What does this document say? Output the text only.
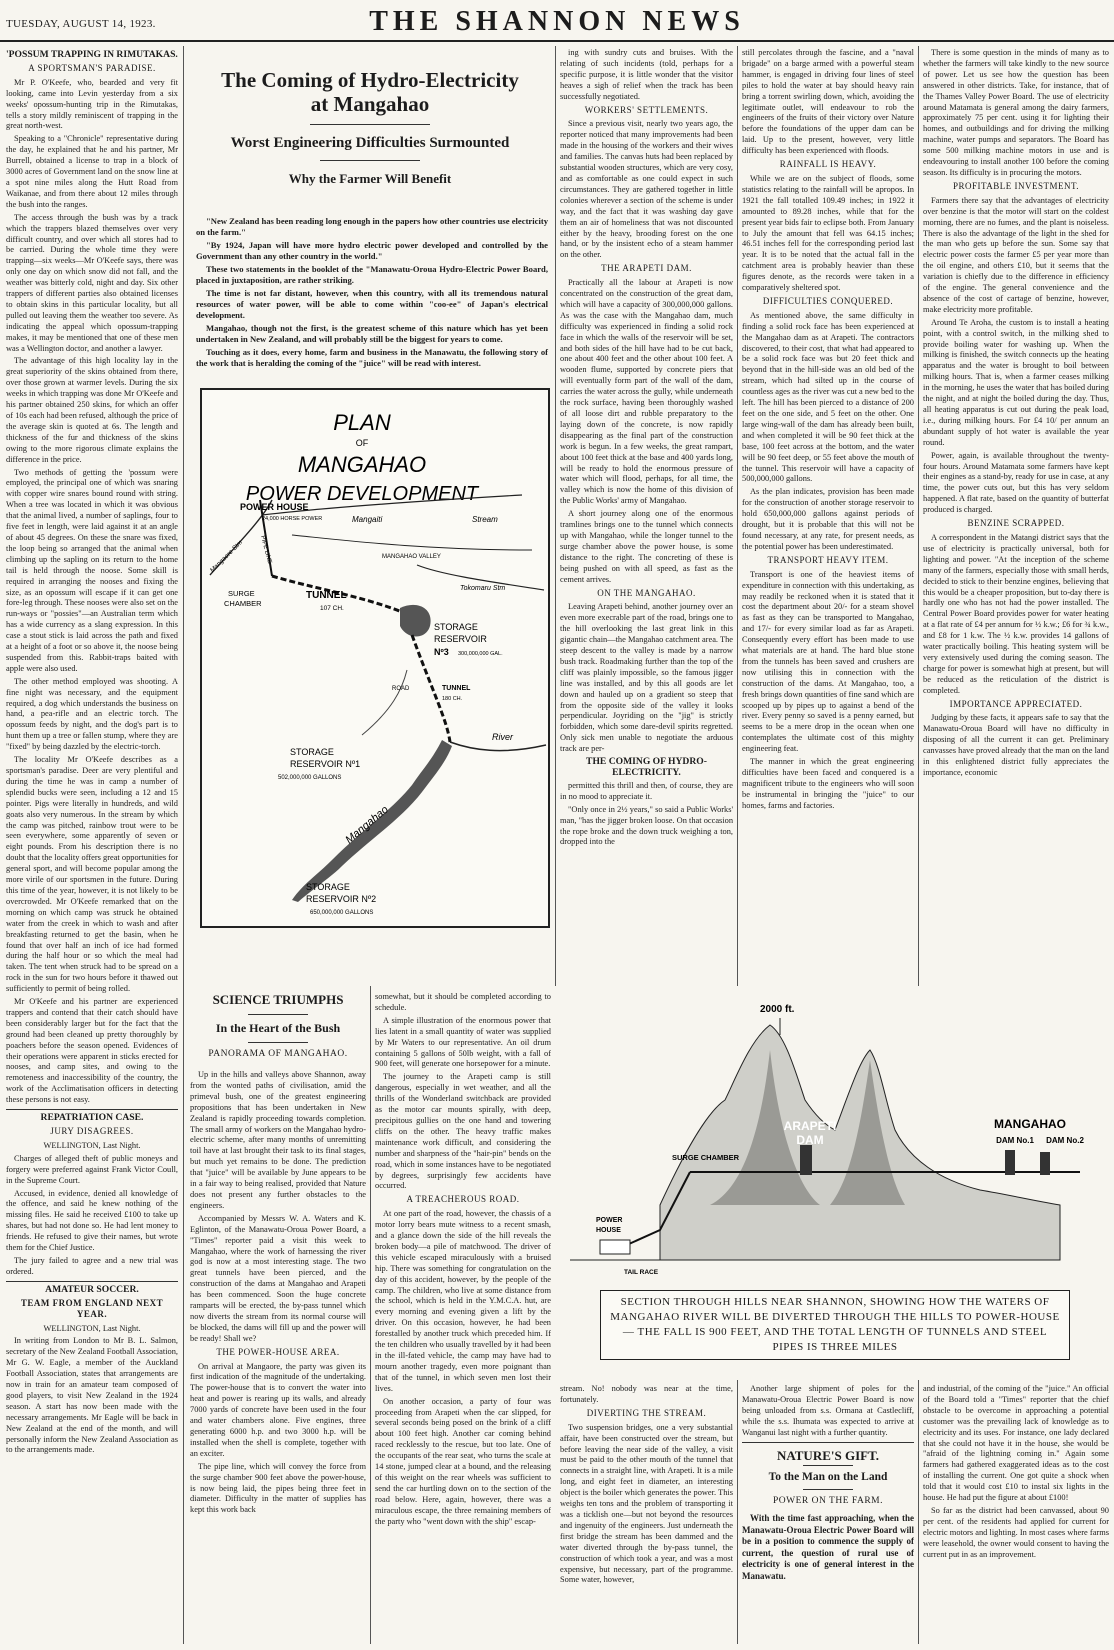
TUESDAY, AUGUST 14, 1923.	THE SHANNON NEWS
'POSSUM TRAPPING IN RIMUTAKAS.
A SPORTSMAN'S PARADISE.

Mr P. O'Keefe, who, bearded and very fit looking, came into Levin yesterday from a six weeks' opossum-hunting trip in the Rimutakas, tells a story mildly reminiscent of trapping in the great north-west.

Speaking to a "Chronicle" representative during the day, he explained that he and his partner, Mr Burrell, obtained a license to trap in a block of 3000 acres of Government land on the snow line at a spot nine miles along the Hutt Road from Waikanae, and from there about 12 miles through the bush into the ranges.

The access through the bush was by a track which the trappers blazed themselves over very difficult country, and over which all stores had to be carried. During the whole time they were trapping—six weeks—Mr O'Keefe says, there was only one day on which snow did not fall, and the weather was bitterly cold, night and day. Six other trappers of different parties also obtained licenses to obtain skins in this particular locality, but all pulled out leaving them the weather too severe. As indicating the appeal which opossum-trapping makes, it may be mentioned that one of these men was a Wellington doctor, and another a lawyer.

The advantage of this high locality lay in the great superiority of the skins obtained from there, over those grown at warmer levels. During the six weeks in which trapping was done Mr O'Keefe and his partner obtained 250 skins, for which an offer of 10s each had been refused, although the price of the average skin is quoted at 6s. The length and thickness of the fur and thickness of the skins owing to the more rigorous climate explains the difference in the price.

Two methods of getting the 'possum were employed, the principal one of which was snaring with copper wire snares bound round with string. When a tree was located in which it was obvious that the animal lived, a number of saplings, four to five feet in length, were laid against it at an angle of about 45 degrees. On these the snare was fixed, the loop being so arranged that the animal when climbing up the sapling on its return to the home tail is held through the noose. Some skill is required in arranging the nooses and fixing the size, as an opossum will escape if it can get one fore-leg through. These nooses were also set on the run-ways or "possies"—an Australian term which has a wide currency as a slang expression. In this case a stout stick is laid across the path and fixed at a height of a foot or so above it, the noose being suspended from this. Rabbit-traps baited with apple were also used.

The other method employed was shooting. A fine night was necessary, and the equipment required, a dog which understands the business on hand, a pea-rifle and an electric torch. The opossum feeds by night, and the dog's part is to hunt them up a tree or fallen stump, where they are "fixed" by being dazzled by the electric-torch.

The locality Mr O'Keefe describes as a sportsman's paradise. Deer are very plentiful and during the time he was in camp a number of splendid bucks were seen, including a 12 and 15 pointer. Pigs were literally in hundreds, and wild goats also very numerous. In the stream by which the camp was pitched, rainbow trout were to be seen everywhere, some apparently of seven or eight pounds. From his description there is no doubt that the locality offers great opportunities for general sport, and will become popular among the more virile of our sportsmen in the future. During this time of the year, however, it is not likely to be overcrowded. Mr O'Keefe remarked that on the morning on which camp was struck he obtained water from the creek in which to wash and after breakfasting returned to get the basin, when he found that over half an inch of ice had formed during the half hour or so which the meal had taken. The tent when struck had to be spread on a rock in the sun for two hours before it thawed out sufficiently to permit of being rolled.

Mr O'Keefe and his partner are experienced trappers and contend that their catch should have been considerably larger but for the fact that the ground had been cleaned up pretty thoroughly by poachers before the season opened. Evidences of their operations were apparent in sticks erected for nooses, and camp sites, and owing to the remoteness and inaccessibility of the country, the work of the Acclimatisation officers in detecting these persons is not easy.

REPATRIATION CASE.
JURY DISAGREES.

WELLINGTON, Last Night.

Charges of alleged theft of public moneys and forgery were preferred against Frank Victor Coull, in the Supreme Court.

Accused, in evidence, denied all knowledge of the offence, and said he knew nothing of the missing files. He said he received £100 to take up shares, but had not done so. He had lent money to friends. He refused to give their names, but wrote them for the Chief Justice.

The jury failed to agree and a new trial was ordered.

AMATEUR SOCCER.
TEAM FROM ENGLAND NEXT YEAR.

WELLINGTON, Last Night.

In writing from London to Mr B. L. Salmon, secretary of the New Zealand Football Association, Mr G. W. Eagle, a member of the Auckland Football Association, states that arrangements are now in train for an amateur team composed of good players, to visit New Zealand in the 1924 season. A start has now been made with the necessary arrangements. Mr Eagle will be back in New Zealand at the end of the month, and will personally inform the New Zealand Association as to the arrangements made.

The Coming of Hydro-Electricity
at Mangahao
Worst Engineering Difficulties Surmounted
Why the Farmer Will Benefit

"New Zealand has been reading long enough in the papers how other countries use electricity on the farm."

"By 1924, Japan will have more hydro electric power developed and controlled by the Government than any other country in the world."

These two statements in the booklet of the "Manawatu-Oroua Hydro-Electric Power Board, placed in juxtaposition, are rather striking.

The time is not far distant, however, when this country, with all its tremendous natural resources of water power, will be able to come within "coo-ee" of Japan's electrical development.

Mangahao, though not the first, is the greatest scheme of this nature which has yet been undertaken in New Zealand, and will probably still be the biggest for years to come.

Touching as it does, every home, farm and business in the Manawatu, the following story of the work that is heralding the coming of the "juice" will be read with interest.

PLAN
OF
MANGAHAO
POWER DEVELOPMENT
POWER HOUSE
24,000 HORSE POWER
Mangaore Stm	PIPE LINE
Mangaiti	Stream
MANGAHAO VALLEY
SURGE
CHAMBER
TUNNEL
107 CH.
Tokomaru Stm
STORAGE
RESERVOIR
Nº3 300,000,000 GAL.
ROAD	TUNNEL
180 CH.
STORAGE
RESERVOIR Nº1
502,000,000 GALLONS
River
Mangahao
STORAGE
RESERVOIR Nº2
650,000,000 GALLONS

ing with sundry cuts and bruises. With the relating of such incidents (told, perhaps for a specific purpose, it is little wonder that the visitor heaves a sigh of relief when the track has been successfully negotiated.

WORKERS' SETTLEMENTS.

Since a previous visit, nearly two years ago, the reporter noticed that many improvements had been made in the housing of the workers and their wives and families. The canvas huts had been replaced by substantial wooden structures, which are very cosy, and as comfortable as one could expect in such circumstances. They are gathered together in little colonies wherever a section of the scheme is under way, and the fact that it was washing day gave them an air of homeliness that was not discounted either by the heavy, brooding forest on the one hand, or by the insistent echo of a steam hammer on the other.

THE ARAPETI DAM.

Practically all the labour at Arapeti is now concentrated on the construction of the great dam, which will have a capacity of 300,000,000 gallons. As was the case with the Mangahao dam, much difficulty was experienced in finding a solid rock face in which the walls of the reservoir will be set, and both sides of the hill have had to be cut back, one about 400 feet and the other about 100 feet. A wooden flume, supported by concrete piers that will eventually form part of the wall of the dam, carries the water across the gully, while underneath the rock surface, having been thoroughly washed of all loose dirt and rubble preparatory to the laying down of the concrete, is now rapidly disappearing as the final part of the construction work is begun. In a few weeks, the great rampart, about 100 feet thick at the base and 400 yards long, will be ready to hold the enormous pressure of water which will flood, perhaps, for all time, the valley which is now the home of this division of the Public Works' army of Mangahao.

A short journey along one of the enormous tramlines brings one to the tunnel which connects up with Mangahao, while the longer tunnel to the surge chamber above the power house, is some distance to the right. The concreting of these is being pushed on with all speed, as fast as the cement arrives.

ON THE MANGAHAO.

Leaving Arapeti behind, another journey over an even more execrable part of the road, brings one to the hill overlooking the last great link in this gigantic chain—the Mangahao catchment area. The steep descent to the valley is made by a narrow bush track. Roadmaking further than the top of the cliff was plainly impossible, so the famous jigger line was installed, and by this all goods are let down and hauled up on a gradient so steep that from the opposite side of the valley it looks perpendicular. Joyriding on the "jig" is strictly forbidden, which some dare-devil spirits regretted. Only sick men unable to negotiate the arduous track are per-

THE COMING OF HYDRO-ELECTRICITY.

permitted this thrill and then, of course, they are in no mood to appreciate it.

"Only once in 2½ years," so said a Public Works' man, "has the jigger broken loose. On that occasion the rope broke and the down truck weighing a ton, dropped into the

still percolates through the fascine, and a "naval brigade" on a barge armed with a powerful steam hammer, is engaged in driving four lines of steel piles to hold the water at bay should heavy rain bring a torrent swirling down, which, avoiding the legitimate outlet, will endeavour to rob the engineers of the fruits of their victory over Nature before the foundations of the upper dam can be laid. Up to the present, however, very little difficulty has been experienced with floods.

RAINFALL IS HEAVY.

While we are on the subject of floods, some statistics relating to the rainfall will be apropos. In 1921 the fall totalled 109.49 inches; in 1922 it amounted to 89.28 inches, while that for the present year bids fair to eclipse both. From January to July the amount that fell was 64.15 inches; 46.51 inches fell for the corresponding period last year. It is to be noted that the actual fall in the catchment area is probably heavier than these figures denote, as the records were taken in a comparatively sheltered spot.

DIFFICULTIES CONQUERED.

As mentioned above, the same difficulty in finding a solid rock face has been experienced at the Mangahao dam as at Arapeti. The contractors discovered, to their cost, that what had appeared to be a solid rock face was but 20 feet thick and beyond that in the hill-side was an old bed of the stream, which had silted up in the course of countless ages as the river was cut a new bed to the left. The hill has been pierced to a distance of 200 feet on the one side, and 5 feet on the other. One large wing-wall of the dam has already been built, and when completed it will be 90 feet thick at the base, 100 feet across at the bottom, and the water will be 90 feet deep, or 55 feet above the mouth of the tunnel. This reservoir will have a capacity of 500,000,000 gallons.

As the plan indicates, provision has been made for the construction of another storage reservoir to hold 650,000,000 gallons against periods of drought, but it is probable that this will not be found necessary, at any rate, for present needs, as the potential power has been underestimated.

TRANSPORT HEAVY ITEM.

Transport is one of the heaviest items of expenditure in connection with this undertaking, as may readily be reckoned when it is stated that it cost the department about 20/- for a steam shovel as fast as they can be transported to Mangahao, and 17/- for every similar load as far as Arapeti. Consequently every effort has been made to use what materials are at hand. The hard blue stone from the tunnels has been saved and crushers are now utilising this in connection with the construction of the dams. At Mangahao, too, a fresh brings down quantities of fine sand which are scooped up by pipes up to against a bend of the river. Every penny so saved is a penny earned, but seems to be a mere drop in the ocean when one contemplates the ultimate cost of this mighty engineering feat.

The manner in which the great engineering difficulties have been faced and conquered is a magnificent tribute to the engineers who will soon be instrumental in bringing the "juice" to our homes, farms and factories.

There is some question in the minds of many as to whether the farmers will take kindly to the new source of power. Let us see how the question has been answered in other districts. Take, for instance, that of the Thames Valley Power Board. The use of electricity around Matamata is general among the dairy farmers, approximately 75 per cent. using it for lighting their homes, and outbuildings and for driving the milking machine, water pumps and separators. The Board has some 500 milking machine motors in use and is endeavouring to install another 100 before the coming season. Its difficulty is in procuring the motors.

PROFITABLE INVESTMENT.

Farmers there say that the advantages of electricity over benzine is that the motor will start on the coldest morning, there are no fumes, and the plant is noiseless. There is also the advantage of the light in the shed for the man who gets up before the sun. Some say that electric power costs the farmer £5 per year more than the oil engine, and others £10, but it seems that the variation is chiefly due to the difference in efficiency of the engine. The general convenience and the absence of the cost of cartage of benzine, however, make electricity more profitable.

Around Te Aroha, the custom is to install a heating point, with a control switch, in the milking shed to provide boiling water for washing up. When the milking is finished, the switch connects up the heating apparatus and the water is brought to boil between milking hours. That is, when a farmer ceases milking in the morning, he uses the water that has boiled during the night, and at night the boiled during the day. Thus, all heating apparatus is cut out during the peak load, i.e., during milking hours. For £4 10/ per annum an abundant supply of hot water is available the year round.

Power, again, is available throughout the twenty-four hours. Around Matamata some farmers have kept their engines as a stand-by, ready for use in case, at any time, the power cuts out, but this has very seldom happened. A flat rate, based on the quantity of butterfat produced is charged.

BENZINE SCRAPPED.

A correspondent in the Matangi district says that the use of electricity is practically universal, both for lighting and power. "At the inception of the scheme many of the farmers, especially those with small herds, decided to stick to their benzine engines, believing that this would be a cheaper proposition, but to-day there is hardly one who has not had the power installed. The Central Power Board provides power for water heating at a flat rate of £4 per annum for ½ k.w.; £6 for ¾ k.w., and £8 for 1 k.w. The ½ k.w. provides 14 gallons of water practically boiling. This heating system will be very extensively used during the coming season. The charge for power is somewhat high at present, but will be reduced as the reticulation of the district is completed.

IMPORTANCE APPRECIATED.

Judging by these facts, it appears safe to say that the Manawatu-Oroua Board will have no difficulty in disposing of all the current it can get. Preliminary canvasses have proved already that the man on the land in this enlightened district fully appreciates the importance, economic

SCIENCE TRIUMPHS
In the Heart of the Bush
PANORAMA OF MANGAHAO.

Up in the hills and valleys above Shannon, away from the wonted paths of civilisation, amid the primeval bush, one of the greatest engineering propositions that has been undertaken in New Zealand is rapidly proceeding towards completion. The small army of workers on the Mangahao hydro-electric scheme, after many months of unremitting toil have at last brought their task to its final stages, but much yet remains to be done. The prediction that "juice" will be available by June appears to be in a fair way to being realised, provided that Nature does not present any further obstacles to the engineers.

Accompanied by Messrs W. A. Waters and K. Eglinton, of the Manawatu-Oroua Power Board, a "Times" reporter paid a visit this week to Mangahao, where the work of harnessing the river god is now at a most interesting stage. The two great tunnels have been pierced, and the construction of the dams at Mangahao and Arapeti has been commenced. Soon the huge concrete ramparts will be erected, the by-pass tunnel which now diverts the stream from its normal course will be blocked, the dams will fill up and the power will be ready! Shall we?

THE POWER-HOUSE AREA.

On arrival at Mangaore, the party was given its first indication of the magnitude of the undertaking. The power-house that is to convert the water into heat and power is rearing up its walls, and already 7000 yards of concrete have been used in the four and water chambers alone. Five engines, three generating 6000 h.p. and two 3000 h.p. will be installed when the shell is complete, together with an exciter.

The pipe line, which will convey the force from the surge chamber 900 feet above the power-house, is now being laid, the pipes being three feet in diameter. Difficulty in the matter of supplies has kept this work back

somewhat, but it should be completed according to schedule.

A simple illustration of the enormous power that lies latent in a small quantity of water was supplied by Mr Waters to our representative. An oil drum containing 5 gallons of 50lb weight, with a fall of 900 feet, will generate one horsepower for a minute.

The journey to the Arapeti camp is still dangerous, especially in wet weather, and all the thrills of the Wonderland switchback are provided as the motor car mounts spirally, with deep, precipitous gullies on the one hand and towering cliffs on the other. The heavy traffic makes maintenance work difficult, and considering the number and sharpness of the "hair-pin" bends on the road, which in some instances have to be negotiated by degrees, surprisingly few accidents have occurred.

A TREACHEROUS ROAD.

At one part of the road, however, the chassis of a motor lorry bears mute witness to a recent smash, and a glance down the side of the hill reveals the broken body—a pile of matchwood. The driver of this vehicle escaped miraculously with a bruised hip. There was something for congratulation on the day of this accident, however, by the people of the camp. The children, who live at some distance from the school, which is held in the Y.M.C.A. hut, are every morning and evening given a lift by the driver. On this occasion, however, he had been forestalled by another truck which preceded him. If the ten children who usually travelled by it had been in the ill-fated vehicle, the camp may have had to mourn another tragedy, even more poignant than that of the tunnel, in which seven men lost their lives.

On another occasion, a party of four was proceeding from Arapeti when the car slipped, for several seconds being posed on the brink of a cliff about 100 feet high. Another car coming behind raced recklessly to the rescue, but too late. One of the occupants of the rear seat, who turns the scale at 14 stone, jumped clear at a bound, and the releasing of this weight on the rear wheels was sufficient to send the car hurtling down on to the section of the road below. Here, again, however, there was a miraculous escape, the three remaining members of the party who "went down with the ship" escap-

2000 ft.
ARAPETI
DAM
MANGAHAO
DAM No.1 DAM No.2
SURGE CHAMBER
POWER
HOUSE
TAIL RACE
SECTION THROUGH HILLS NEAR SHANNON, SHOWING HOW THE WATERS OF MANGAHAO RIVER WILL BE DIVERTED THROUGH THE HILLS TO POWER-HOUSE — THE FALL IS 900 FEET, AND THE TOTAL LENGTH OF TUNNELS AND STEEL PIPES IS THREE MILES

stream. No! nobody was near at the time, fortunately.

DIVERTING THE STREAM.

Two suspension bridges, one a very substantial affair, have been constructed over the stream, but before leaving the near side of the valley, a visit must be paid to the other mouth of the tunnel that connects in a straight line, with Arapeti. It is a mile long, and eight feet in diameter, an interesting object is the boiler which generates the power. This weighs ten tons and the problem of transporting it was a ticklish one—but not beyond the resources and ingenuity of the engineers. Just underneath the first bridge the stream has been dammed and the water diverted through the by-pass tunnel, the construction of which took a year, and was a most expensive, but necessary, part of the programme. Some water, however,

Another large shipment of poles for the Manawatu-Oroua Electric Power Board is now being unloaded from s.s. Ormana at Castlecliff, while the s.s. Ihumata was expected to arrive at Wanganui last night with a further quantity.

NATURE'S GIFT.
To the Man on the Land
POWER ON THE FARM.

With the time fast approaching, when the Manawatu-Oroua Electric Power Board will be in a position to commence the supply of current, the question of rural use of electricity is one of general interest in the Manawatu.

and industrial, of the coming of the "juice." An official of the Board told a "Times" reporter that the chief obstacle to be overcome in approaching a potential customer was the prevailing lack of knowledge as to electricity and its uses. For instance, one lady declared that she could not have it in the house, she would be "afraid of the lightning coming in." Again some farmers had gathered exaggerated ideas as to the cost of installing the current. One got quite a shock when told that it would cost £10 to instal six lights in the house. He had put the figure at about £100!

So far as the district had been canvassed, about 90 per cent. of the residents had applied for current for electric motors and lighting. In most cases where farms were leasehold, the owner would consent to having the current put in as an improvement.
